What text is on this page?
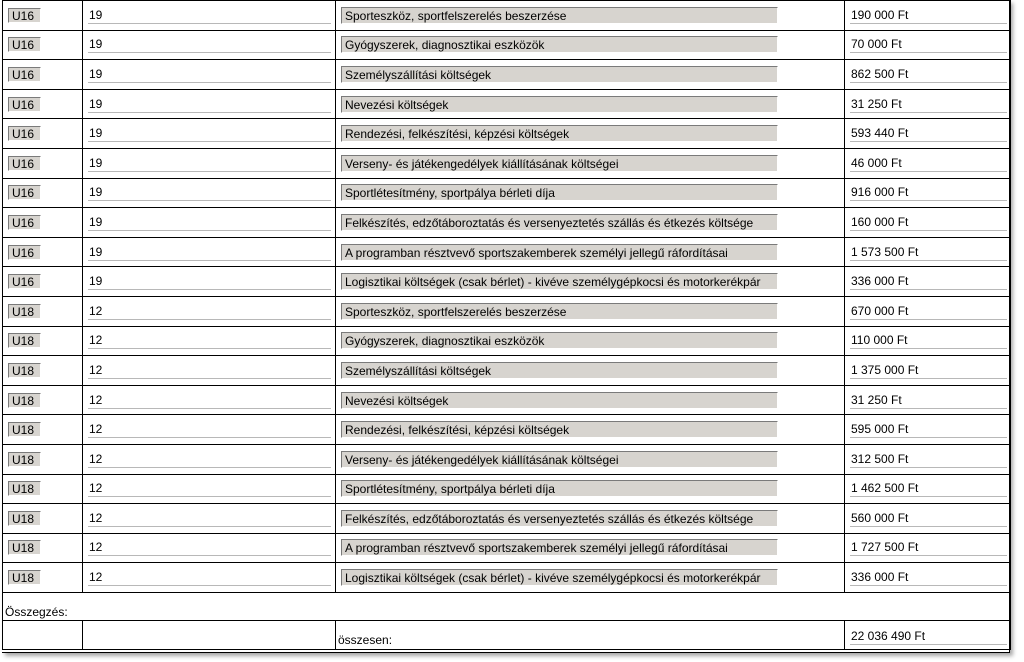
U16	19	Sporteszköz, sportfelszerelés beszerzése	190 000 Ft

U16	19	Gyógyszerek, diagnosztikai eszközök	70 000 Ft

U16	19	Személyszállítási költségek	862 500 Ft

U16	19	Nevezési költségek	31 250 Ft

U16	19	Rendezési, felkészítési, képzési költségek	593 440 Ft

U16	19	Verseny- és játékengedélyek kiállításának költségei	46 000 Ft

U16	19	Sportlétesítmény, sportpálya bérleti díja	916 000 Ft

U16	19	Felkészítés, edzőtáboroztatás és versenyeztetés szállás és étkezés költsége	160 000 Ft

U16	19	A programban résztvevő sportszakemberek személyi jellegű ráfordításai	1 573 500 Ft

U16	19	Logisztikai költségek (csak bérlet) - kivéve személygépkocsi és motorkerékpár	336 000 Ft

U18	12	Sporteszköz, sportfelszerelés beszerzése	670 000 Ft

U18	12	Gyógyszerek, diagnosztikai eszközök	110 000 Ft

U18	12	Személyszállítási költségek	1 375 000 Ft

U18	12	Nevezési költségek	31 250 Ft

U18	12	Rendezési, felkészítési, képzési költségek	595 000 Ft

U18	12	Verseny- és játékengedélyek kiállításának költségei	312 500 Ft

U18	12	Sportlétesítmény, sportpálya bérleti díja	1 462 500 Ft

U18	12	Felkészítés, edzőtáboroztatás és versenyeztetés szállás és étkezés költsége	560 000 Ft

U18	12	A programban résztvevő sportszakemberek személyi jellegű ráfordításai	1 727 500 Ft

U18	12	Logisztikai költségek (csak bérlet) - kivéve személygépkocsi és motorkerékpár	336 000 Ft

Összegzés:			

		összesen:	22 036 490 Ft
